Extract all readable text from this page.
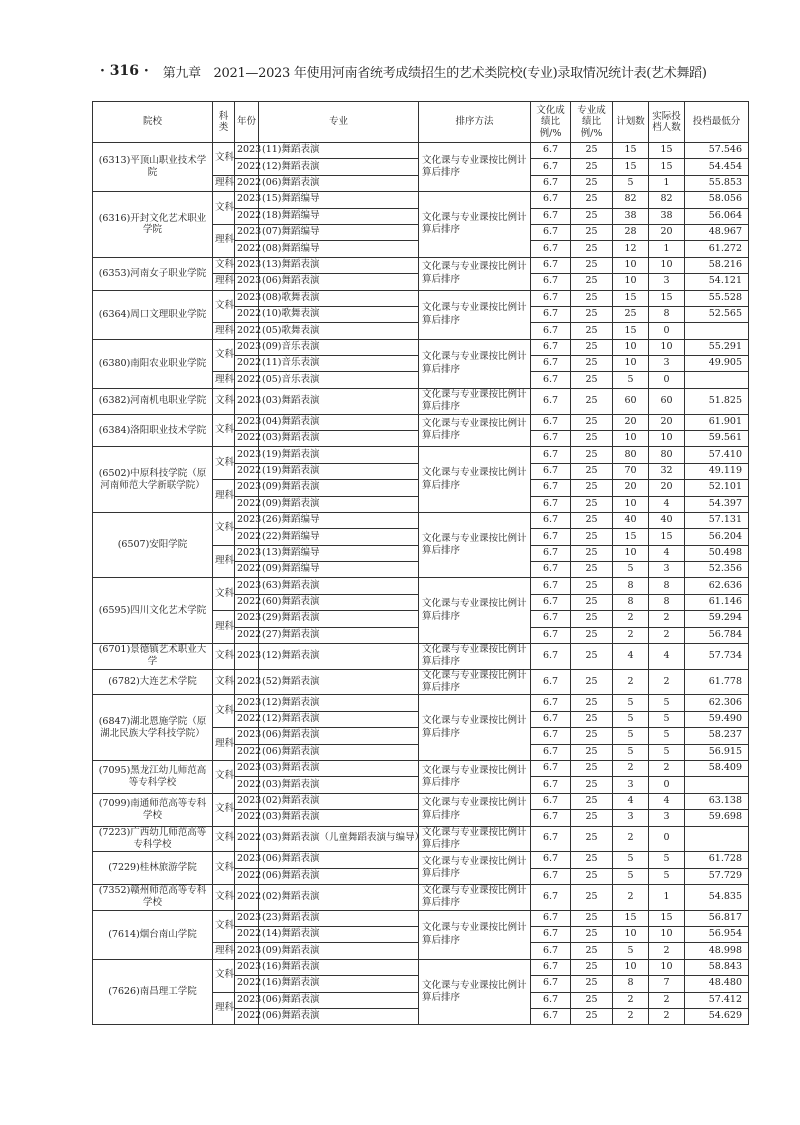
· 316 · 第九章　2021—2023 年使用河南省统考成绩招生的艺术类院校(专业)录取情况统计表(艺术舞蹈)
院校	科类	年份	专业	排序方法	文化成绩比例/%	专业成绩比例/%	计划数	实际投档人数	投档最低分
(6313)平顶山职业技术学院	文科	2023	(11)舞蹈表演	文化课与专业课按比例计算后排序	6.7	25	15	15	57.546
		2022	(12)舞蹈表演		6.7	25	15	15	54.454
	理科	2022	(06)舞蹈表演		6.7	25	5	1	55.853
(6316)开封文化艺术职业学院	文科	2023	(15)舞蹈编导	文化课与专业课按比例计算后排序	6.7	25	82	82	58.056
		2022	(18)舞蹈编导		6.7	25	38	38	56.064
	理科	2023	(07)舞蹈编导		6.7	25	28	20	48.967
		2022	(08)舞蹈编导		6.7	25	12	1	61.272
(6353)河南女子职业学院	文科	2023	(13)舞蹈表演	文化课与专业课按比例计算后排序	6.7	25	10	10	58.216
	理科	2023	(06)舞蹈表演		6.7	25	10	3	54.121
(6364)周口文理职业学院	文科	2023	(08)歌舞表演	文化课与专业课按比例计算后排序	6.7	25	15	15	55.528
		2022	(10)歌舞表演		6.7	25	25	8	52.565
	理科	2022	(05)歌舞表演		6.7	25	15	0	
(6380)南阳农业职业学院	文科	2023	(09)音乐表演	文化课与专业课按比例计算后排序	6.7	25	10	10	55.291
		2022	(11)音乐表演		6.7	25	10	3	49.905
	理科	2022	(05)音乐表演		6.7	25	5	0	
(6382)河南机电职业学院	文科	2023	(03)舞蹈表演	文化课与专业课按比例计算后排序	6.7	25	60	60	51.825
(6384)洛阳职业技术学院	文科	2023	(04)舞蹈表演	文化课与专业课按比例计算后排序	6.7	25	20	20	61.901
		2022	(03)舞蹈表演		6.7	25	10	10	59.561
(6502)中原科技学院（原河南师范大学新联学院）	文科	2023	(19)舞蹈表演	文化课与专业课按比例计算后排序	6.7	25	80	80	57.410
		2022	(19)舞蹈表演		6.7	25	70	32	49.119
	理科	2023	(09)舞蹈表演		6.7	25	20	20	52.101
		2022	(09)舞蹈表演		6.7	25	10	4	54.397
(6507)安阳学院	文科	2023	(26)舞蹈编导	文化课与专业课按比例计算后排序	6.7	25	40	40	57.131
		2022	(22)舞蹈编导		6.7	25	15	15	56.204
	理科	2023	(13)舞蹈编导		6.7	25	10	4	50.498
		2022	(09)舞蹈编导		6.7	25	5	3	52.356
(6595)四川文化艺术学院	文科	2023	(63)舞蹈表演	文化课与专业课按比例计算后排序	6.7	25	8	8	62.636
		2022	(60)舞蹈表演		6.7	25	8	8	61.146
	理科	2023	(29)舞蹈表演		6.7	25	2	2	59.294
		2022	(27)舞蹈表演		6.7	25	2	2	56.784
(6701)景德镇艺术职业大学	文科	2023	(12)舞蹈表演	文化课与专业课按比例计算后排序	6.7	25	4	4	57.734
(6782)大连艺术学院	文科	2023	(52)舞蹈表演	文化课与专业课按比例计算后排序	6.7	25	2	2	61.778
(6847)湖北恩施学院（原湖北民族大学科技学院）	文科	2023	(12)舞蹈表演	文化课与专业课按比例计算后排序	6.7	25	5	5	62.306
		2022	(12)舞蹈表演		6.7	25	5	5	59.490
	理科	2023	(06)舞蹈表演		6.7	25	5	5	58.237
		2022	(06)舞蹈表演		6.7	25	5	5	56.915
(7095)黑龙江幼儿师范高等专科学校	文科	2023	(03)舞蹈表演	文化课与专业课按比例计算后排序	6.7	25	2	2	58.409
		2022	(03)舞蹈表演		6.7	25	3	0	
(7099)南通师范高等专科学校	文科	2023	(02)舞蹈表演	文化课与专业课按比例计算后排序	6.7	25	4	4	63.138
		2022	(03)舞蹈表演		6.7	25	3	3	59.698
(7223)广西幼儿师范高等专科学校	文科	2022	(03)舞蹈表演（儿童舞蹈表演与编导）	文化课与专业课按比例计算后排序	6.7	25	2	0	
(7229)桂林旅游学院	文科	2023	(06)舞蹈表演	文化课与专业课按比例计算后排序	6.7	25	5	5	61.728
		2022	(06)舞蹈表演		6.7	25	5	5	57.729
(7352)赣州师范高等专科学校	文科	2022	(02)舞蹈表演	文化课与专业课按比例计算后排序	6.7	25	2	1	54.835
(7614)烟台南山学院	文科	2023	(23)舞蹈表演	文化课与专业课按比例计算后排序	6.7	25	15	15	56.817
		2022	(14)舞蹈表演		6.7	25	10	10	56.954
	理科	2023	(09)舞蹈表演		6.7	25	5	2	48.998
(7626)南昌理工学院	文科	2023	(16)舞蹈表演	文化课与专业课按比例计算后排序	6.7	25	10	10	58.843
		2022	(16)舞蹈表演		6.7	25	8	7	48.480
	理科	2023	(06)舞蹈表演		6.7	25	2	2	57.412
		2022	(06)舞蹈表演		6.7	25	2	2	54.629
